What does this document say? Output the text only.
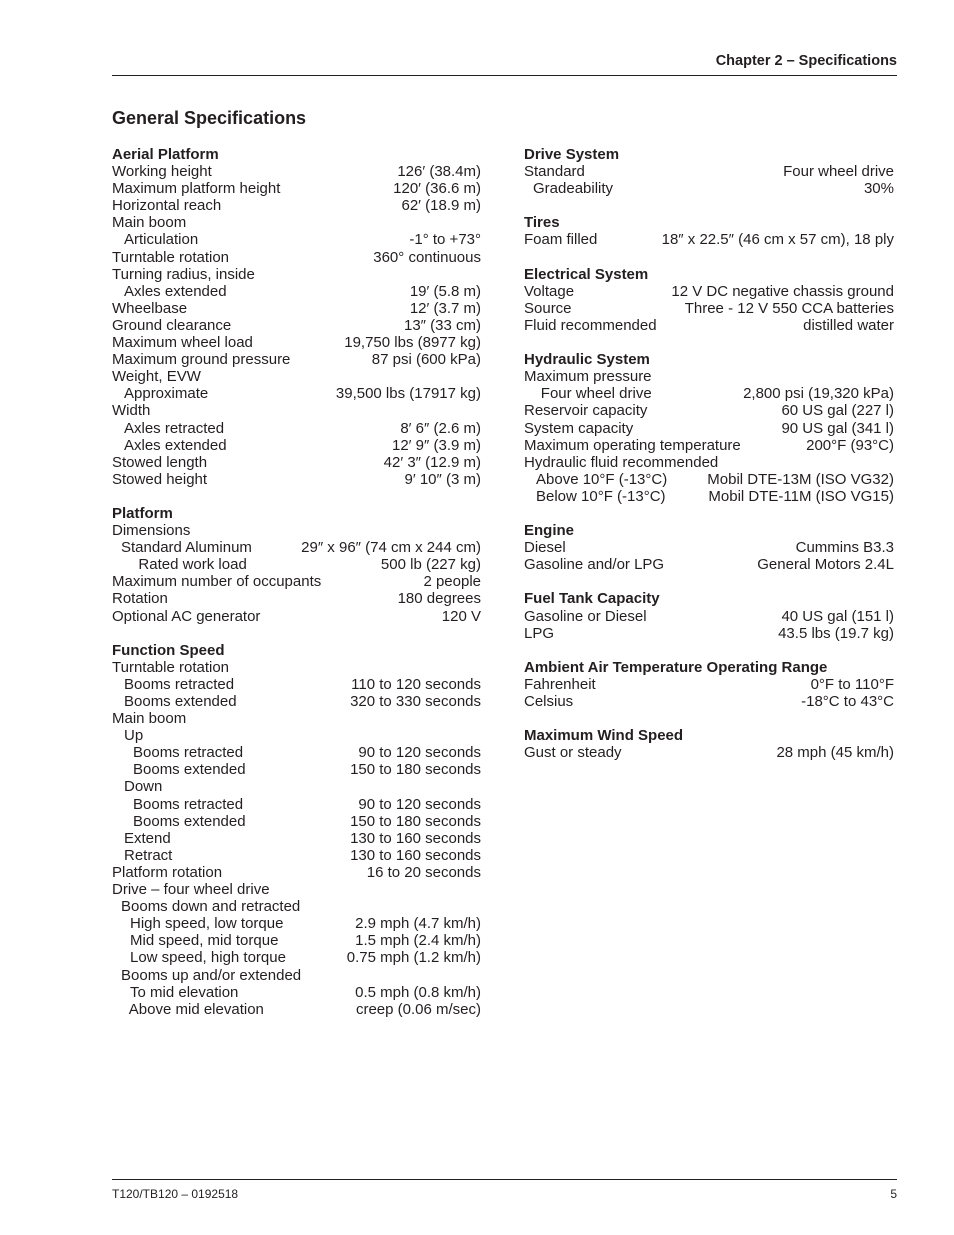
Chapter 2 – Specifications
General Specifications
Aerial Platform
Working height	126′ (38.4m)
Maximum platform height	120′ (36.6 m)
Horizontal reach	62′ (18.9 m)
Main boom
Articulation	-1° to +73°
Turntable rotation	360° continuous
Turning radius, inside
Axles extended	19′ (5.8 m)
Wheelbase	12′ (3.7 m)
Ground clearance	13″ (33 cm)
Maximum wheel load	19,750 lbs (8977 kg)
Maximum ground pressure	87 psi (600 kPa)
Weight, EVW
Approximate	39,500 lbs (17917 kg)
Width
Axles retracted	8′ 6″ (2.6 m)
Axles extended	12′ 9″ (3.9 m)
Stowed length	42′ 3″ (12.9 m)
Stowed height	9′ 10″ (3 m)
Platform
Dimensions
Standard Aluminum	29″ x 96″ (74 cm x 244 cm)
Rated work load	500 lb (227 kg)
Maximum number of occupants	2 people
Rotation	180 degrees
Optional AC generator	120 V
Function Speed
Turntable rotation
Booms retracted	110 to 120 seconds
Booms extended	320 to 330 seconds
Main boom
Up
Booms retracted	90 to 120 seconds
Booms extended	150 to 180 seconds
Down
Booms retracted	90 to 120 seconds
Booms extended	150 to 180 seconds
Extend	130 to 160 seconds
Retract	130 to 160 seconds
Platform rotation	16 to 20 seconds
Drive – four wheel drive
Booms down and retracted
High speed, low torque	2.9 mph (4.7 km/h)
Mid speed, mid torque	1.5 mph (2.4 km/h)
Low speed, high torque	0.75 mph (1.2 km/h)
Booms up and/or extended
To mid elevation	0.5 mph (0.8 km/h)
Above mid elevation	creep (0.06 m/sec)
Drive System
Standard	Four wheel drive
Gradeability	30%
Tires
Foam filled	18″ x 22.5″ (46 cm x 57 cm), 18 ply
Electrical System
Voltage	12 V DC negative chassis ground
Source	Three - 12 V 550 CCA batteries
Fluid recommended	distilled water
Hydraulic System
Maximum pressure
Four wheel drive	2,800 psi (19,320 kPa)
Reservoir capacity	60 US gal (227 l)
System capacity	90 US gal (341 l)
Maximum operating temperature	200°F (93°C)
Hydraulic fluid recommended
Above 10°F (-13°C)	Mobil DTE-13M (ISO VG32)
Below 10°F (-13°C)	Mobil DTE-11M (ISO VG15)
Engine
Diesel	Cummins B3.3
Gasoline and/or LPG	General Motors 2.4L
Fuel Tank Capacity
Gasoline or Diesel	40 US gal (151 l)
LPG	43.5 lbs (19.7 kg)
Ambient Air Temperature Operating Range
Fahrenheit	0°F to 110°F
Celsius	-18°C to 43°C
Maximum Wind Speed
Gust or steady	28 mph (45 km/h)
T120/TB120 – 0192518	5
